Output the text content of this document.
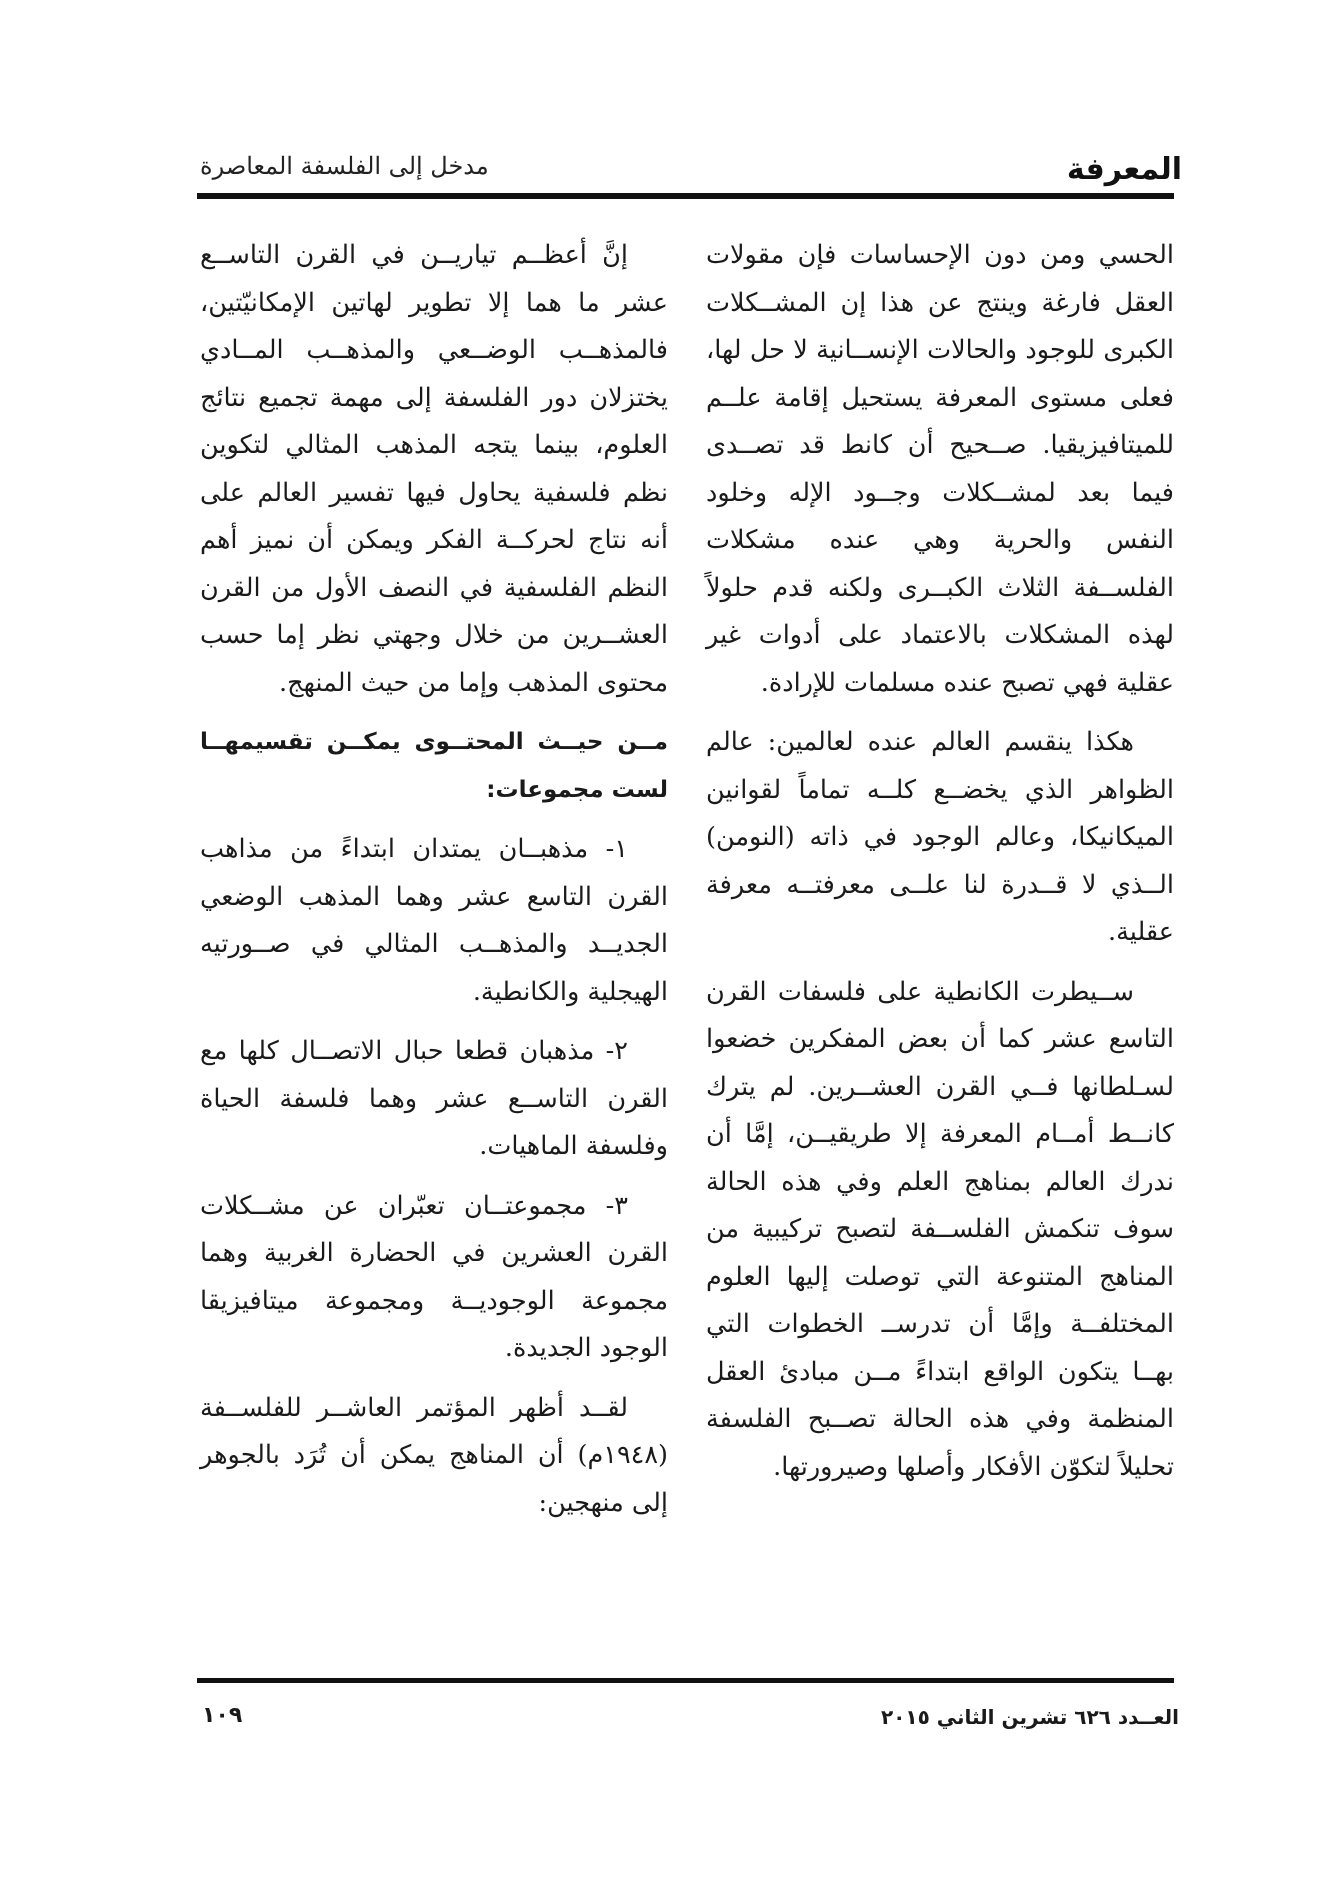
المعرفة
مدخل إلى الفلسفة المعاصرة

الحسي ومن دون الإحساسات فإن مقولات العقل فارغة وينتج عن هذا إن المشــكلات الكبرى للوجود والحالات الإنســانية لا حل لها، فعلى مستوى المعرفة يستحيل إقامة علــم للميتافيزيقيا. صــحيح أن كانط قد تصــدى فيما بعد لمشــكلات وجــود الإله وخلود النفس والحرية وهي عنده مشكلات الفلســفة الثلاث الكبــرى ولكنه قدم حلولاً لهذه المشكلات بالاعتماد على أدوات غير عقلية فهي تصبح عنده مسلمات للإرادة.

هكذا ينقسم العالم عنده لعالمين: عالم الظواهر الذي يخضــع كلــه تماماً لقوانين الميكانيكا، وعالم الوجود في ذاته (النومن) الــذي لا قــدرة لنا علــى معرفتــه معرفة عقلية.

ســيطرت الكانطية على فلسفات القرن التاسع عشر كما أن بعض المفكرين خضعوا لسـلطانها فــي القرن العشــرين. لم يترك كانــط أمــام المعرفة إلا طريقيــن، إمَّا أن ندرك العالم بمناهج العلم وفي هذه الحالة سوف تنكمش الفلســفة لتصبح تركيبية من المناهج المتنوعة التي توصلت إليها العلوم المختلفــة وإمَّا أن تدرســ الخطوات التي بهــا يتكون الواقع ابتداءً مــن مبادئ العقل المنظمة وفي هذه الحالة تصــبح الفلسفة تحليلاً لتكوّن الأفكار وأصلها وصيرورتها.

إنَّ أعظــم تياريــن في القرن التاســع عشر ما هما إلا تطوير لهاتين الإمكانيّتين، فالمذهــب الوضــعي والمذهــب المــادي يختزلان دور الفلسفة إلى مهمة تجميع نتائج العلوم، بينما يتجه المذهب المثالي لتكوين نظم فلسفية يحاول فيها تفسير العالم على أنه نتاج لحركــة الفكر ويمكن أن نميز أهم النظم الفلسفية في النصف الأول من القرن العشــرين من خلال وجهتي نظر إما حسب محتوى المذهب وإما من حيث المنهج.

مــن حيــث المحتــوى يمكــن تقسيمهــا لست مجموعات:

١- مذهبــان يمتدان ابتداءً من مذاهب القرن التاسع عشر وهما المذهب الوضعي الجديــد والمذهــب المثالي في صــورتيه الهيجلية والكانطية.

٢- مذهبان قطعا حبال الاتصــال كلها مع القرن التاســع عشر وهما فلسفة الحياة وفلسفة الماهيات.

٣- مجموعتــان تعبّران عن مشــكلات القرن العشرين في الحضارة الغربية وهما مجموعة الوجوديــة ومجموعة ميتافيزيقا الوجود الجديدة.

لقــد أظهر المؤتمر العاشــر للفلســفة (١٩٤٨م) أن المناهج يمكن أن تُرَد بالجوهر إلى منهجين:

العــدد ٦٢٦ تشرين الثاني ٢٠١٥
١٠٩
